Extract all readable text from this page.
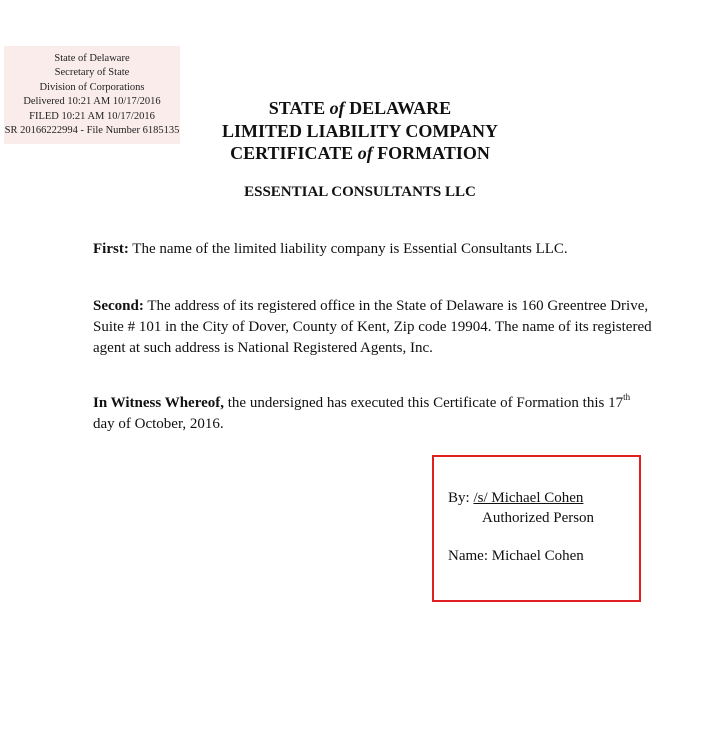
State of Delaware
Secretary of State
Division of Corporations
Delivered 10:21 AM 10/17/2016
FILED 10:21 AM 10/17/2016
SR 20166222994 - File Number 6185135
STATE of DELAWARE
LIMITED LIABILITY COMPANY
CERTIFICATE of FORMATION
ESSENTIAL CONSULTANTS LLC
First: The name of the limited liability company is Essential Consultants LLC.
Second: The address of its registered office in the State of Delaware is 160 Greentree Drive, Suite # 101 in the City of Dover, County of Kent, Zip code 19904. The name of its registered agent at such address is National Registered Agents, Inc.
In Witness Whereof, the undersigned has executed this Certificate of Formation this 17th day of October, 2016.
By: /s/ Michael Cohen
Authorized Person
Name: Michael Cohen
